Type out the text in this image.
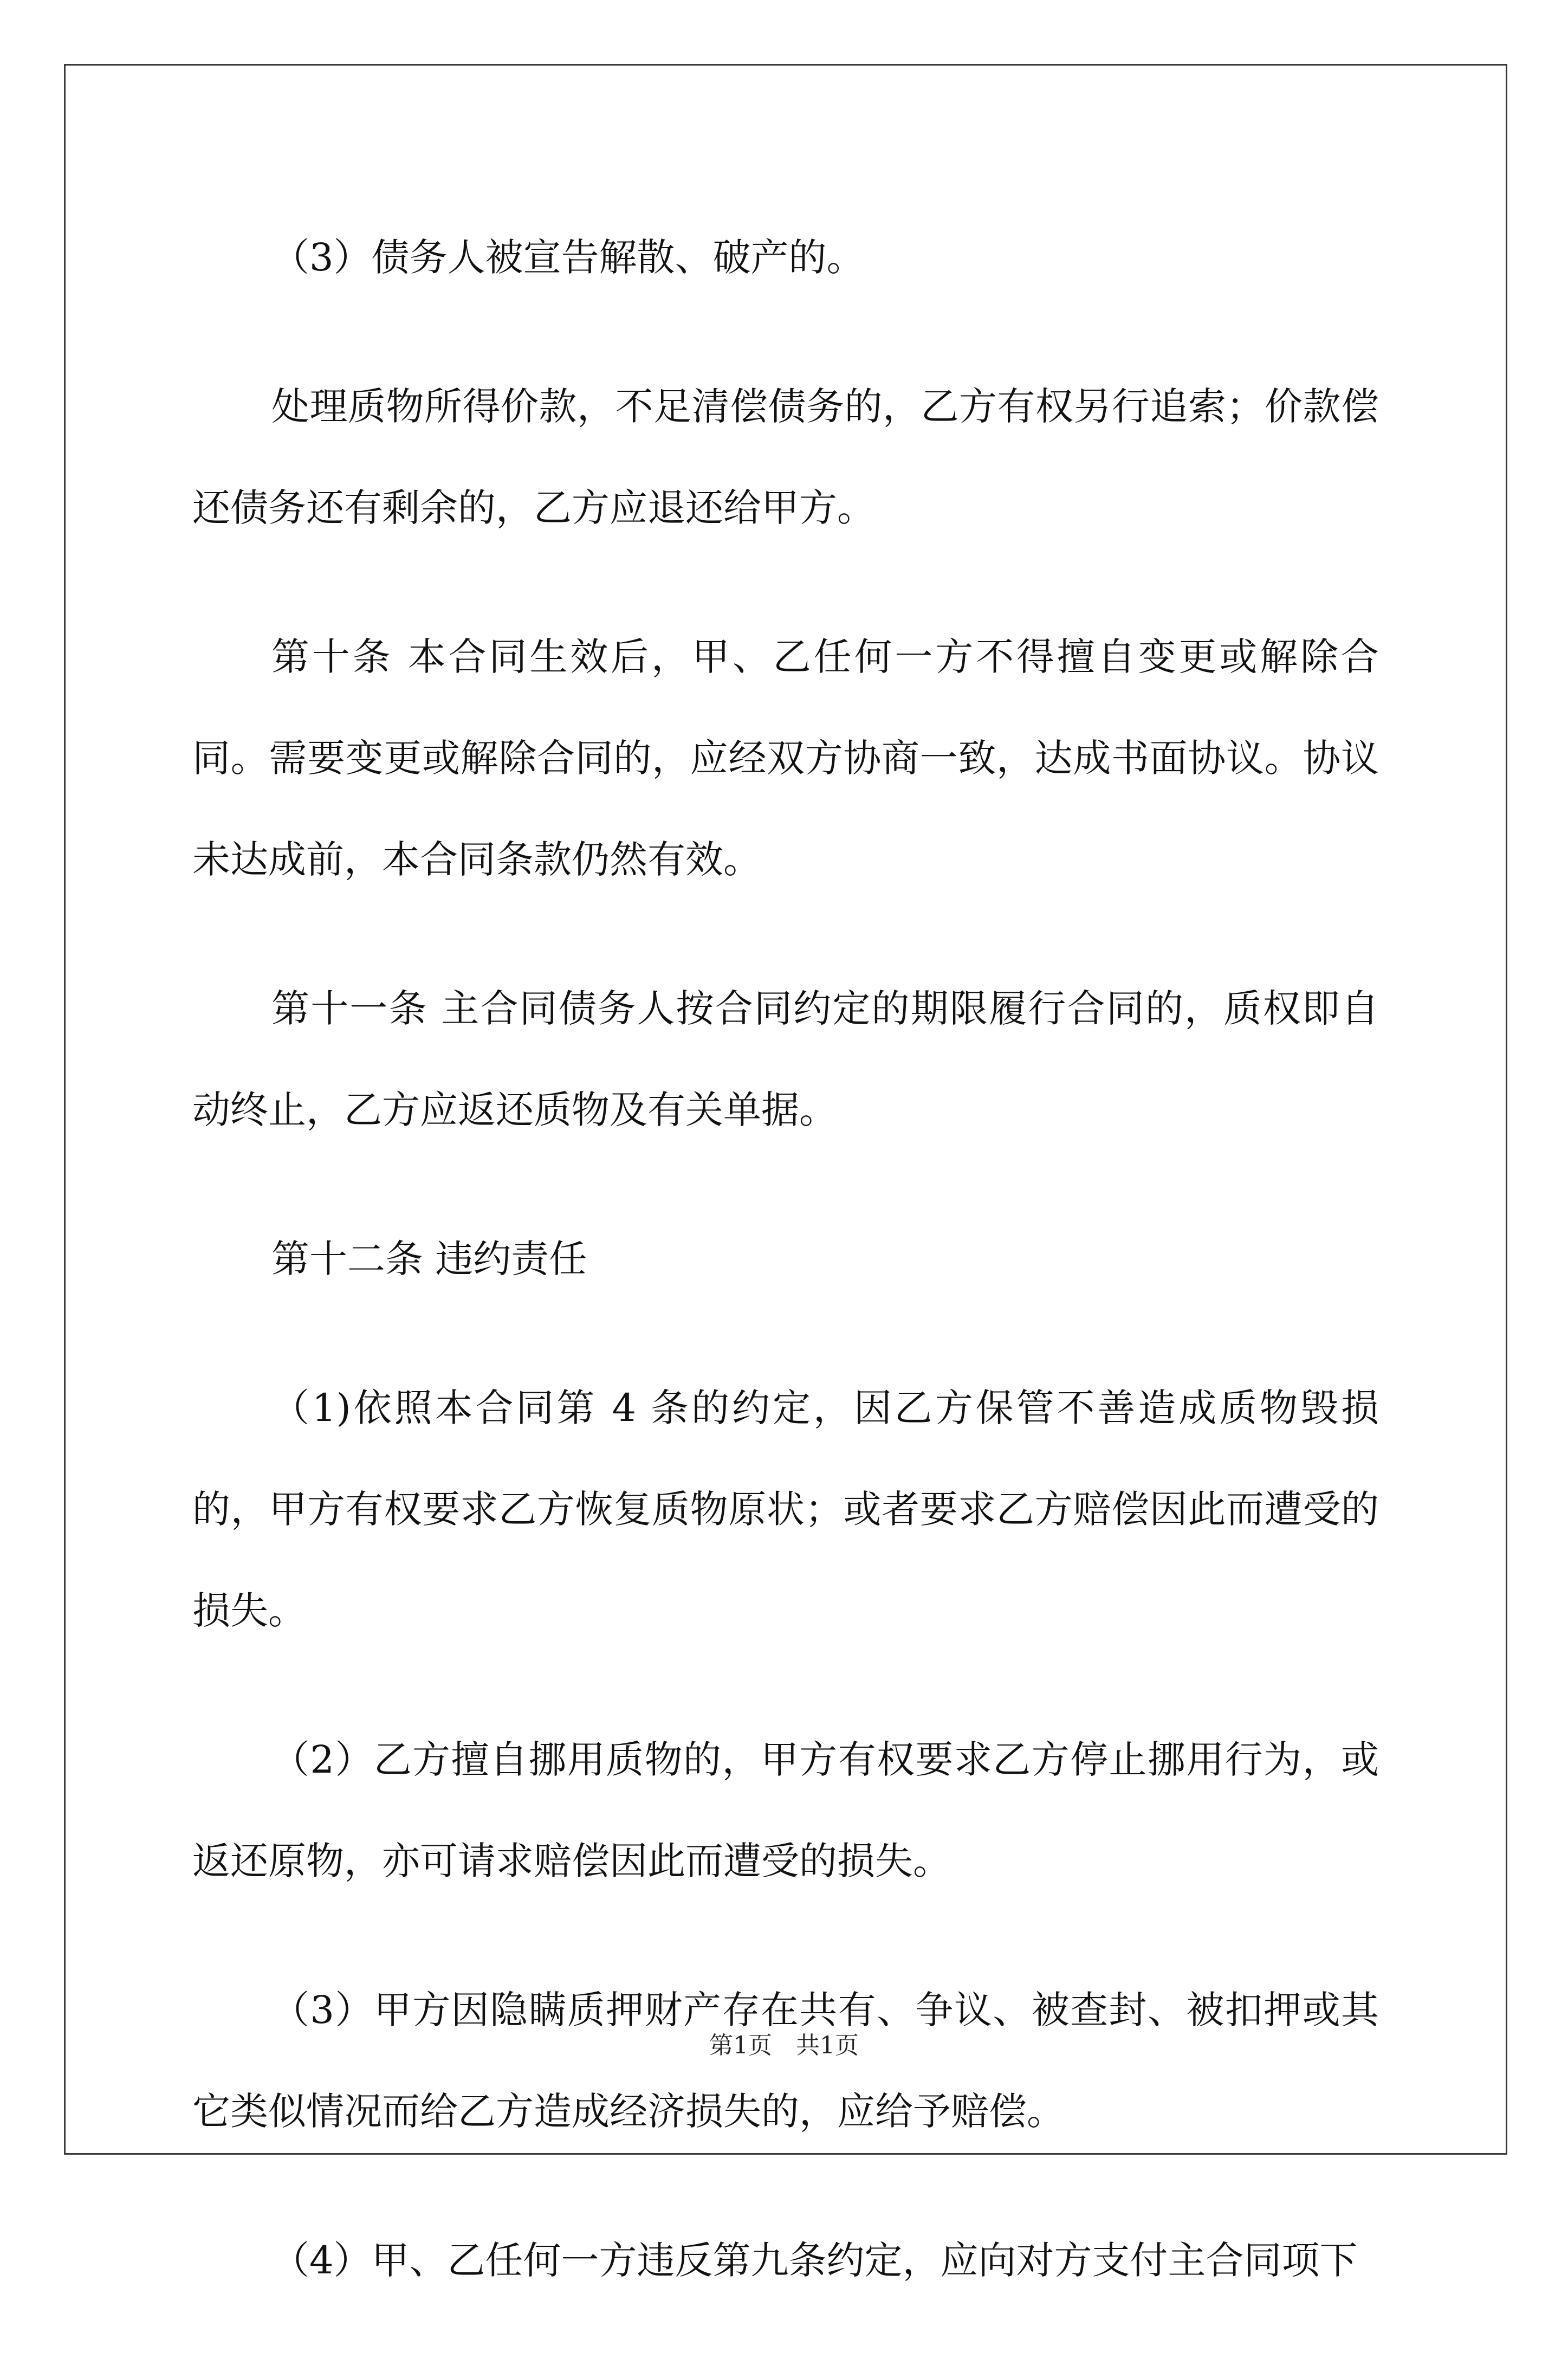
（3）债务人被宣告解散、破产的。

处理质物所得价款，不足清偿债务的，乙方有权另行追索；价款偿还债务还有剩余的，乙方应退还给甲方。

第十条 本合同生效后，甲、乙任何一方不得擅自变更或解除合同。需要变更或解除合同的，应经双方协商一致，达成书面协议。协议未达成前，本合同条款仍然有效。

第十一条 主合同债务人按合同约定的期限履行合同的，质权即自动终止，乙方应返还质物及有关单据。

第十二条 违约责任

（1)依照本合同第 4 条的约定，因乙方保管不善造成质物毁损的，甲方有权要求乙方恢复质物原状；或者要求乙方赔偿因此而遭受的损失。

（2）乙方擅自挪用质物的，甲方有权要求乙方停止挪用行为，或返还原物，亦可请求赔偿因此而遭受的损失。

（3）甲方因隐瞒质押财产存在共有、争议、被查封、被扣押或其它类似情况而给乙方造成经济损失的，应给予赔偿。

（4）甲、乙任何一方违反第九条约定，应向对方支付主合同项下

第1页　共1页
